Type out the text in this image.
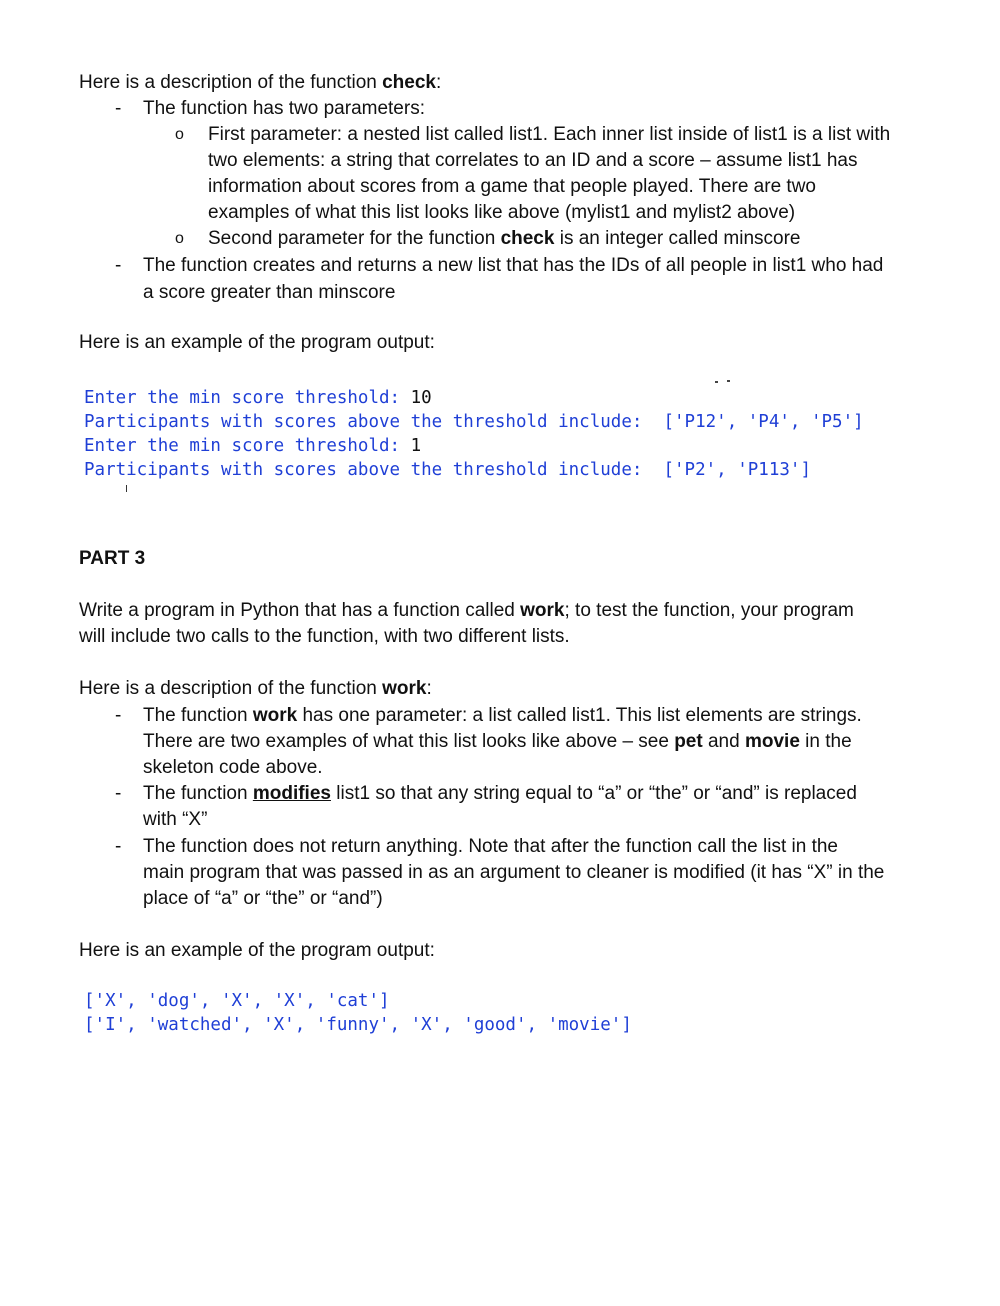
Here is a description of the function check:
- The function has two parameters:
o First parameter: a nested list called list1. Each inner list inside of list1 is a list with
two elements: a string that correlates to an ID and a score – assume list1 has
information about scores from a game that people played. There are two
examples of what this list looks like above (mylist1 and mylist2 above)
o Second parameter for the function check is an integer called minscore
- The function creates and returns a new list that has the IDs of all people in list1 who had
a score greater than minscore
Here is an example of the program output:
Enter the min score threshold: 10
Participants with scores above the threshold include:  ['P12', 'P4', 'P5']
Enter the min score threshold: 1
Participants with scores above the threshold include:  ['P2', 'P113']
PART 3
Write a program in Python that has a function called work; to test the function, your program
will include two calls to the function, with two different lists.
Here is a description of the function work:
- The function work has one parameter: a list called list1. This list elements are strings.
There are two examples of what this list looks like above – see pet and movie in the
skeleton code above.
- The function modifies list1 so that any string equal to “a” or “the” or “and” is replaced
with “X”
- The function does not return anything. Note that after the function call the list in the
main program that was passed in as an argument to cleaner is modified (it has “X” in the
place of “a” or “the” or “and”)
Here is an example of the program output:
['X', 'dog', 'X', 'X', 'cat']
['I', 'watched', 'X', 'funny', 'X', 'good', 'movie']
